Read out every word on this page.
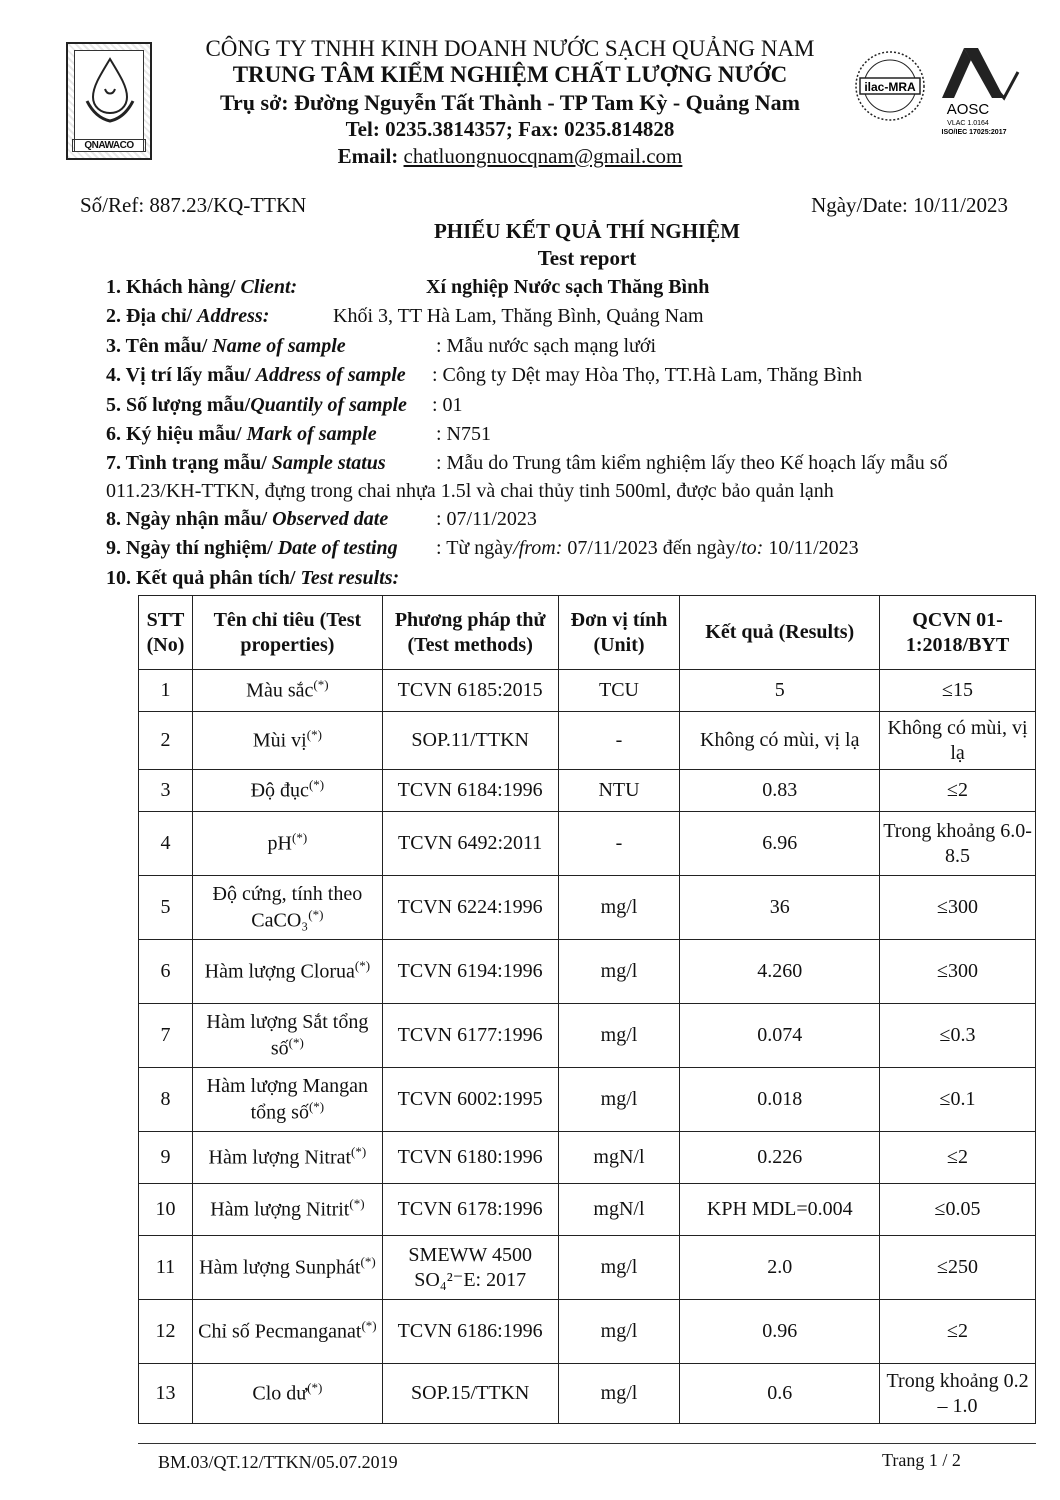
QNAWACO
CÔNG TY TNHH KINH DOANH NƯỚC SẠCH QUẢNG NAM
TRUNG TÂM KIỂM NGHIỆM CHẤT LƯỢNG NƯỚC
Trụ sở: Đường Nguyễn Tất Thành - TP Tam Kỳ - Quảng Nam
Tel: 0235.3814357; Fax: 0235.814828
Email: chatluongnuocqnam@gmail.com
ilac-MRA
AOSC
VLAC 1.0164
ISO/IEC 17025:2017
Số/Ref: 887.23/KQ-TTKN	Ngày/Date: 10/11/2023
PHIẾU KẾT QUẢ THÍ NGHIỆM
Test report
1. Khách hàng/ Client:	Xí nghiệp Nước sạch Thăng Bình
2. Địa chỉ/ Address:	Khối 3, TT Hà Lam, Thăng Bình, Quảng Nam
3. Tên mẫu/ Name of sample	: Mẫu nước sạch mạng lưới
4. Vị trí lấy mẫu/ Address of sample : Công ty Dệt may Hòa Thọ, TT.Hà Lam, Thăng Bình
5. Số lượng mẫu/Quantily of sample : 01
6. Ký hiệu mẫu/ Mark of sample	: N751
7. Tình trạng mẫu/ Sample status	: Mẫu do Trung tâm kiểm nghiệm lấy theo Kế hoạch lấy mẫu số
011.23/KH-TTKN, đựng trong chai nhựa 1.5l và chai thủy tinh 500ml, được bảo quản lạnh
8. Ngày nhận mẫu/ Observed date : 07/11/2023
9. Ngày thí nghiệm/ Date of testing : Từ ngày/from: 07/11/2023 đến ngày/to: 10/11/2023
10. Kết quả phân tích/ Test results:
STT (No)	Tên chỉ tiêu (Test properties)	Phương pháp thử (Test methods)	Đơn vị tính (Unit)	Kết quả (Results)	QCVN 01-1:2018/BYT
1	Màu sắc(*)	TCVN 6185:2015	TCU	5	≤15
2	Mùi vị(*)	SOP.11/TTKN	-	Không có mùi, vị lạ	Không có mùi, vị lạ
3	Độ đục(*)	TCVN 6184:1996	NTU	0.83	≤2
4	pH(*)	TCVN 6492:2011	-	6.96	Trong khoảng 6.0-8.5
5	Độ cứng, tính theo CaCO₃(*)	TCVN 6224:1996	mg/l	36	≤300
6	Hàm lượng Clorua(*)	TCVN 6194:1996	mg/l	4.260	≤300
7	Hàm lượng Sắt tổng số(*)	TCVN 6177:1996	mg/l	0.074	≤0.3
8	Hàm lượng Mangan tổng số(*)	TCVN 6002:1995	mg/l	0.018	≤0.1
9	Hàm lượng Nitrat(*)	TCVN 6180:1996	mgN/l	0.226	≤2
10	Hàm lượng Nitrit(*)	TCVN 6178:1996	mgN/l	KPH MDL=0.004	≤0.05
11	Hàm lượng Sunphát(*)	SMEWW 4500 SO₄²⁻E: 2017	mg/l	2.0	≤250
12	Chỉ số Pecmanganat(*)	TCVN 6186:1996	mg/l	0.96	≤2
13	Clo dư(*)	SOP.15/TTKN	mg/l	0.6	Trong khoảng 0.2 – 1.0
BM.03/QT.12/TTKN/05.07.2019	Trang 1 / 2
